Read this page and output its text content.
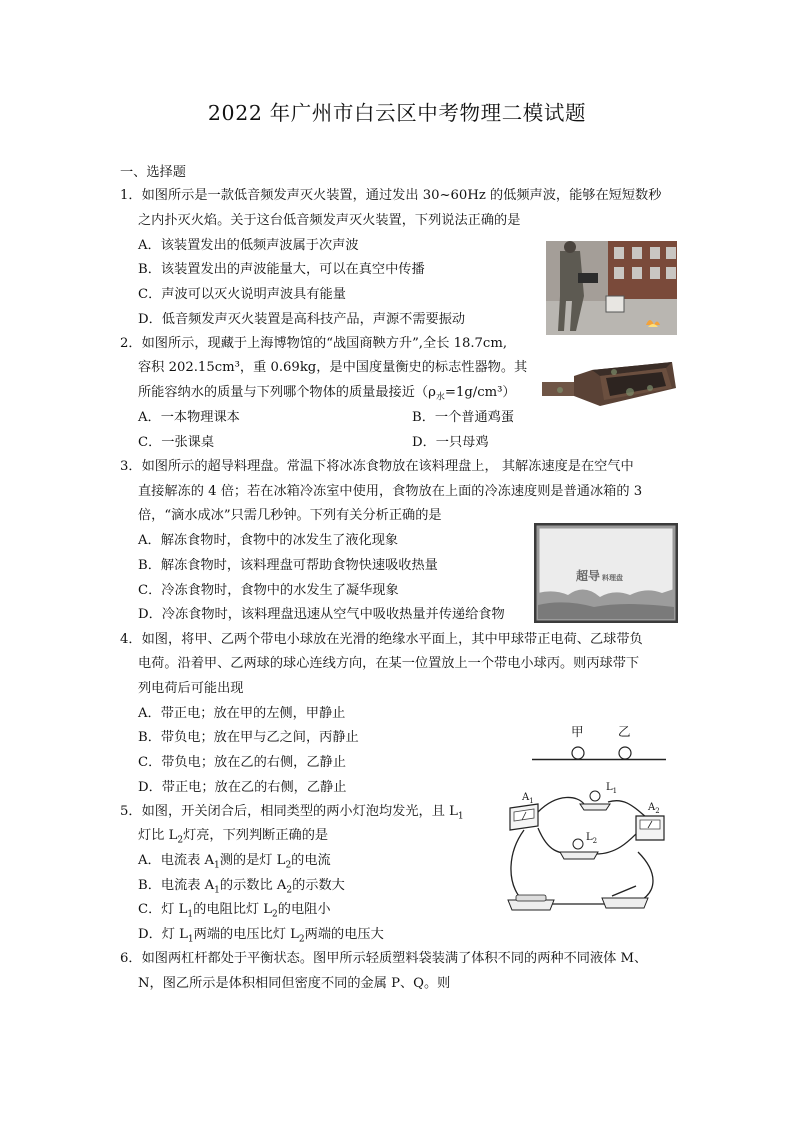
2022 年广州市白云区中考物理二模试题
一、选择题
1．如图所示是一款低音频发声灭火装置，通过发出 30~60Hz 的低频声波，能够在短短数秒
之内扑灭火焰。关于这台低音频发声灭火装置，下列说法正确的是
A．该装置发出的低频声波属于次声波
B．该装置发出的声波能量大，可以在真空中传播
C．声波可以灭火说明声波具有能量
D．低音频发声灭火装置是高科技产品，声源不需要振动
2．如图所示，现藏于上海博物馆的“战国商鞅方升”,全长 18.7cm,
容积 202.15cm³，重 0.69kg，是中国度量衡史的标志性器物。其
所能容纳水的质量与下列哪个物体的质量最接近$(\rho_水=1g/cm^3)$
A．一本物理课本	B．一个普通鸡蛋
C．一张课桌	D．一只母鸡
3．如图所示的超导料理盘。常温下将冰冻食物放在该料理盘上， 其解冻速度是在空气中
直接解冻的 4 倍；若在冰箱冷冻室中使用，食物放在上面的冷冻速度则是普通冰箱的 3
倍，“滴水成冰”只需几秒钟。下列有关分析正确的是
A．解冻食物时，食物中的冰发生了液化现象
B．解冻食物时，该料理盘可帮助食物快速吸收热量
C．冷冻食物时，食物中的水发生了凝华现象
D．冷冻食物时，该料理盘迅速从空气中吸收热量并传递给食物
超导 料理盘
4．如图，将甲、乙两个带电小球放在光滑的绝缘水平面上，其中甲球带正电荷、乙球带负
电荷。沿着甲、乙两球的球心连线方向，在某一位置放上一个带电小球丙。则丙球带下
列电荷后可能出现
A．带正电；放在甲的左侧，甲静止
B．带负电；放在甲与乙之间，丙静止
C．带负电；放在乙的右侧，乙静止
D．带正电；放在乙的右侧，乙静止
甲	乙
5．如图，开关闭合后，相同类型的两小灯泡均发光，且 $L_1$
灯比 $L_2$灯亮，下列判断正确的是
A．电流表 $A_1$测的是灯 $L_2$的电流
B．电流表 $A_1$的示数比 $A_2$的示数大
C．灯 $L_1$的电阻比灯 $L_2$的电阻小
D．灯 $L_1$两端的电压比灯 $L_2$两端的电压大
$A_1$
$A_2$
$L_1$
$L_2$
6．如图两杠杆都处于平衡状态。图甲所示轻质塑料袋装满了体积不同的两种不同液体 M、
N，图乙所示是体积相同但密度不同的金属 P、Q。则
